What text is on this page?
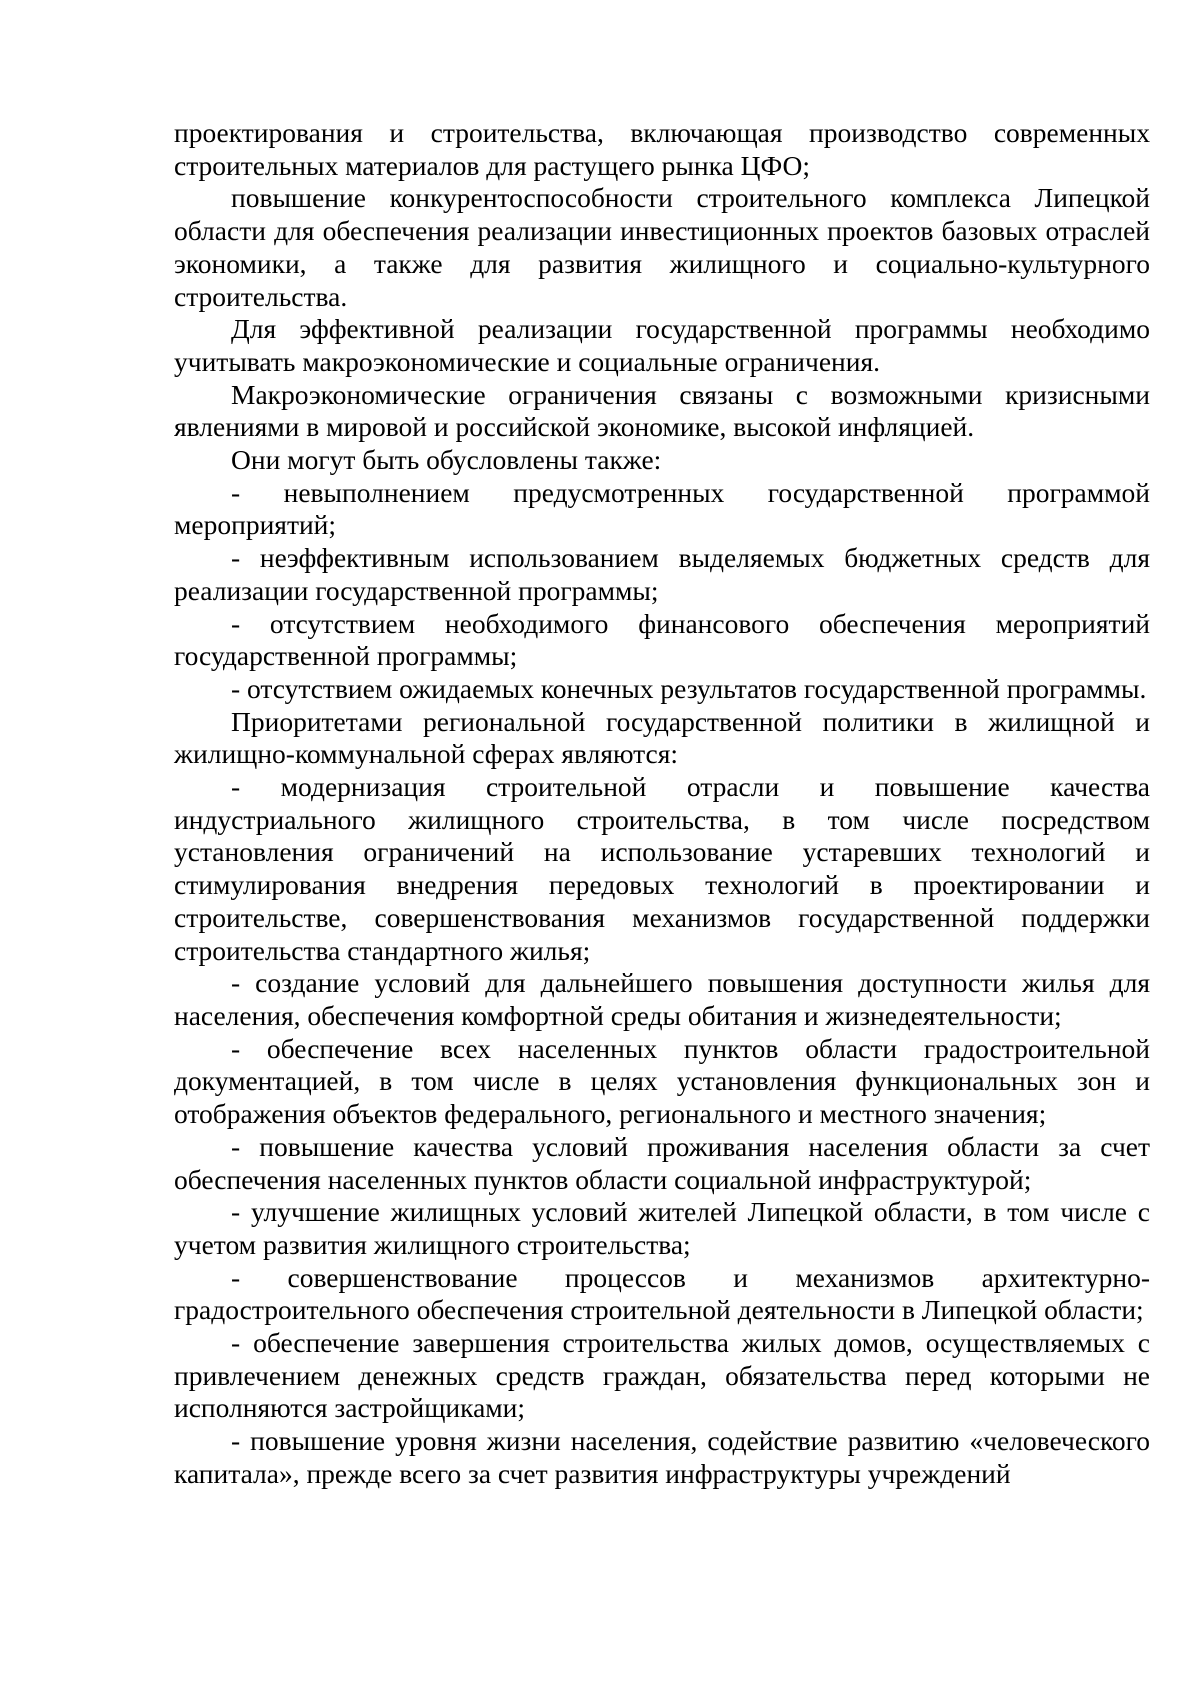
проектирования и строительства, включающая производство современных строительных материалов для растущего рынка ЦФО;

повышение конкурентоспособности строительного комплекса Липецкой области для обеспечения реализации инвестиционных проектов базовых отраслей экономики, а также для развития жилищного и социально-культурного строительства.

Для эффективной реализации государственной программы необходимо учитывать макроэкономические и социальные ограничения.

Макроэкономические ограничения связаны с возможными кризисными явлениями в мировой и российской экономике, высокой инфляцией.

Они могут быть обусловлены также:

- невыполнением предусмотренных государственной программой мероприятий;

- неэффективным использованием выделяемых бюджетных средств для реализации государственной программы;

- отсутствием необходимого финансового обеспечения мероприятий государственной программы;

- отсутствием ожидаемых конечных результатов государственной программы.

Приоритетами региональной государственной политики в жилищной и жилищно-коммунальной сферах являются:

- модернизация строительной отрасли и повышение качества индустриального жилищного строительства, в том числе посредством установления ограничений на использование устаревших технологий и стимулирования внедрения передовых технологий в проектировании и строительстве, совершенствования механизмов государственной поддержки строительства стандартного жилья;

- создание условий для дальнейшего повышения доступности жилья для населения, обеспечения комфортной среды обитания и жизнедеятельности;

- обеспечение всех населенных пунктов области градостроительной документацией, в том числе в целях установления функциональных зон и отображения объектов федерального, регионального и местного значения;

- повышение качества условий проживания населения области за счет обеспечения населенных пунктов области социальной инфраструктурой;

- улучшение жилищных условий жителей Липецкой области, в том числе с учетом развития жилищного строительства;

- совершенствование процессов и механизмов архитектурно-градостроительного обеспечения строительной деятельности в Липецкой области;

- обеспечение завершения строительства жилых домов, осуществляемых с привлечением денежных средств граждан, обязательства перед которыми не исполняются застройщиками;

- повышение уровня жизни населения, содействие развитию «человеческого капитала», прежде всего за счет развития инфраструктуры учреждений
